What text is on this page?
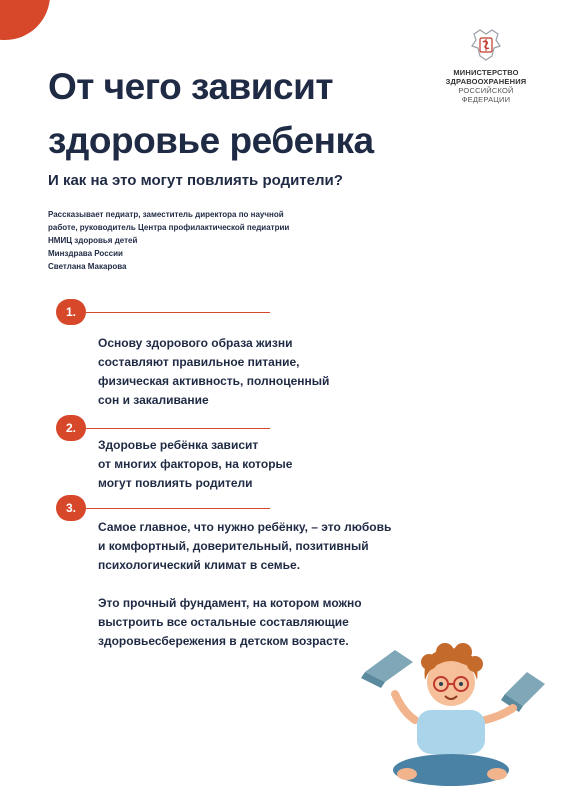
МИНИСТЕРСТВО
ЗДРАВООХРАНЕНИЯ
РОССИЙСКОЙ ФЕДЕРАЦИИ
От чего зависит
здоровье ребенка
И как на это могут повлиять родители?
Рассказывает педиатр, заместитель директора по научной
работе, руководитель Центра профилактической педиатрии
НМИЦ здоровья детей
Минздрава России
Светлана Макарова
1.
Основу здорового образа жизни
составляют правильное питание,
физическая активность, полноценный
сон и закаливание
2.
Здоровье ребёнка зависит
от многих факторов, на которые
могут повлиять родители
3.
Самое главное, что нужно ребёнку, – это любовь
и комфортный, доверительный, позитивный
психологический климат в семье.
Это прочный фундамент, на котором можно
выстроить все остальные составляющие
здоровьесбережения в детском возрасте.
